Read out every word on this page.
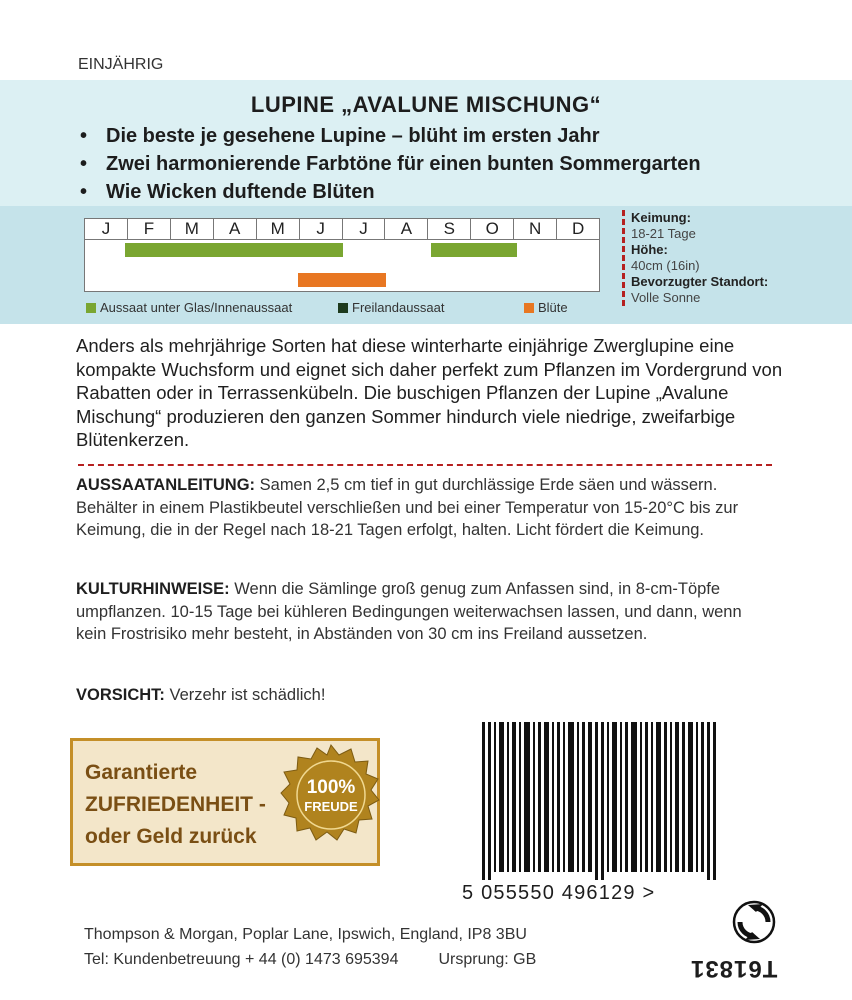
EINJÄHRIG
LUPINE „AVALUNE MISCHUNG“
• Die beste je gesehene Lupine – blüht im ersten Jahr
• Zwei harmonierende Farbtöne für einen bunten Sommergarten
• Wie Wicken duftende Blüten
J	F	M	A	M	J	J	A	S	O	N	D
Aussaat unter Glas/Innenaussaat	Freilandaussaat	Blüte
Keimung:
18-21 Tage
Höhe:
40cm (16in)
Bevorzugter Standort:
Volle Sonne
Anders als mehrjährige Sorten hat diese winterharte einjährige Zwerglupine eine kompakte Wuchsform und eignet sich daher perfekt zum Pflanzen im Vordergrund von Rabatten oder in Terrassenkübeln. Die buschigen Pflanzen der Lupine „Avalune Mischung“ produzieren den ganzen Sommer hindurch viele niedrige, zweifarbige Blütenkerzen.
AUSSAATANLEITUNG: Samen 2,5 cm tief in gut durchlässige Erde säen und wässern. Behälter in einem Plastikbeutel verschließen und bei einer Temperatur von 15-20°C bis zur Keimung, die in der Regel nach 18-21 Tagen erfolgt, halten. Licht fördert die Keimung.
KULTURHINWEISE: Wenn die Sämlinge groß genug zum Anfassen sind, in 8-cm-Töpfe umpflanzen. 10-15 Tage bei kühleren Bedingungen weiterwachsen lassen, und dann, wenn kein Frostrisiko mehr besteht, in Abständen von 30 cm ins Freiland aussetzen.
VORSICHT: Verzehr ist schädlich!
Garantierte
ZUFRIEDENHEIT -
oder Geld zurück
100%
FREUDE
5 055550 496129 >
Thompson & Morgan, Poplar Lane, Ipswich, England, IP8 3BU
Tel: Kundenbetreuung + 44 (0) 1473 695394	Ursprung: GB	T61831
